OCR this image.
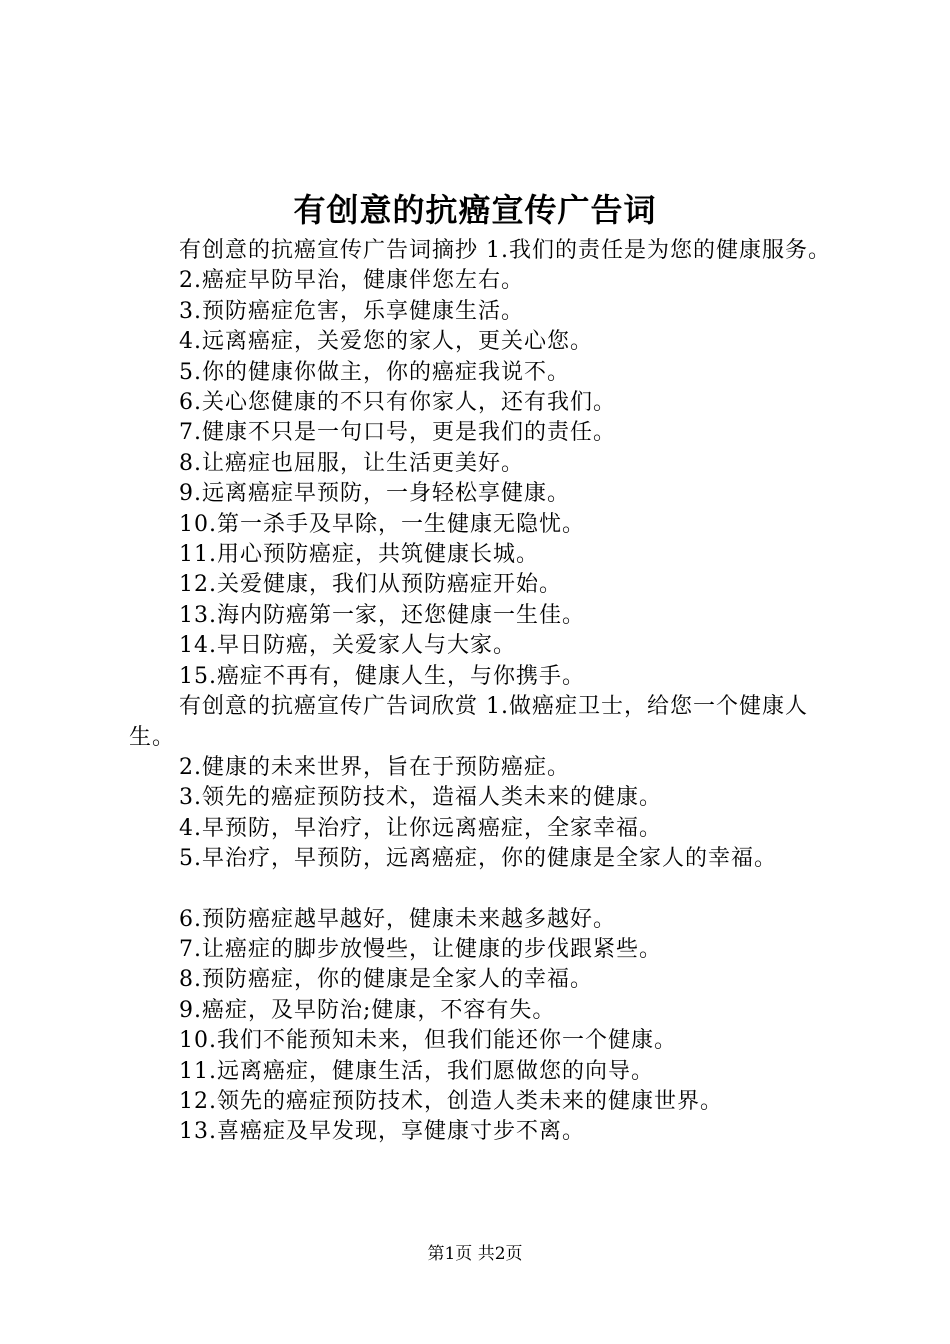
有创意的抗癌宣传广告词

有创意的抗癌宣传广告词摘抄 1.我们的责任是为您的健康服务。

2.癌症早防早治，健康伴您左右。

3.预防癌症危害，乐享健康生活。

4.远离癌症，关爱您的家人，更关心您。

5.你的健康你做主，你的癌症我说不。

6.关心您健康的不只有你家人，还有我们。

7.健康不只是一句口号，更是我们的责任。

8.让癌症也屈服，让生活更美好。

9.远离癌症早预防，一身轻松享健康。

10.第一杀手及早除，一生健康无隐忧。

11.用心预防癌症，共筑健康长城。

12.关爱健康，我们从预防癌症开始。

13.海内防癌第一家，还您健康一生佳。

14.早日防癌，关爱家人与大家。

15.癌症不再有，健康人生，与你携手。

有创意的抗癌宣传广告词欣赏 1.做癌症卫士，给您一个健康人生。

2.健康的未来世界，旨在于预防癌症。

3.领先的癌症预防技术，造福人类未来的健康。

4.早预防，早治疗，让你远离癌症，全家幸福。

5.早治疗，早预防，远离癌症，你的健康是全家人的幸福。

6.预防癌症越早越好，健康未来越多越好。

7.让癌症的脚步放慢些，让健康的步伐跟紧些。

8.预防癌症，你的健康是全家人的幸福。

9.癌症，及早防治;健康，不容有失。

10.我们不能预知未来，但我们能还你一个健康。

11.远离癌症，健康生活，我们愿做您的向导。

12.领先的癌症预防技术，创造人类未来的健康世界。

13.喜癌症及早发现，享健康寸步不离。

第1页 共2页
